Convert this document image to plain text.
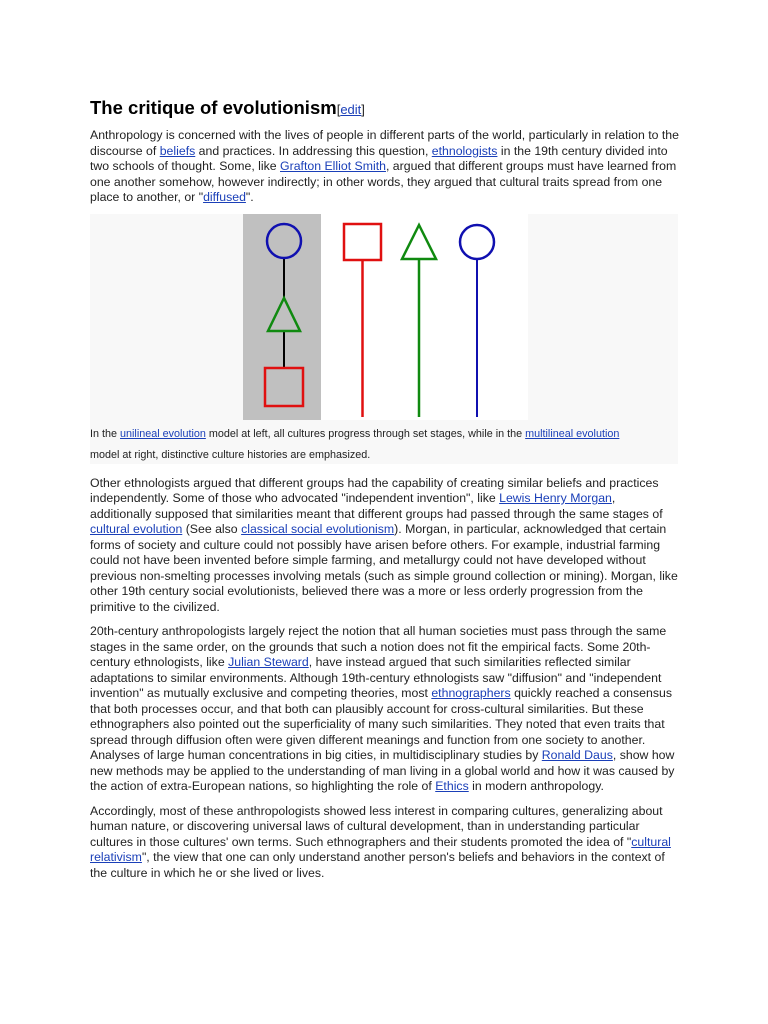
The critique of evolutionism[edit]

Anthropology is concerned with the lives of people in different parts of the world, particularly in relation to the discourse of beliefs and practices. In addressing this question, ethnologists in the 19th century divided into two schools of thought. Some, like Grafton Elliot Smith, argued that different groups must have learned from one another somehow, however indirectly; in other words, they argued that cultural traits spread from one place to another, or "diffused".

In the unilineal evolution model at left, all cultures progress through set stages, while in the multilineal evolution model at right, distinctive culture histories are emphasized.

Other ethnologists argued that different groups had the capability of creating similar beliefs and practices independently. Some of those who advocated "independent invention", like Lewis Henry Morgan, additionally supposed that similarities meant that different groups had passed through the same stages of cultural evolution (See also classical social evolutionism). Morgan, in particular, acknowledged that certain forms of society and culture could not possibly have arisen before others. For example, industrial farming could not have been invented before simple farming, and metallurgy could not have developed without previous non-smelting processes involving metals (such as simple ground collection or mining). Morgan, like other 19th century social evolutionists, believed there was a more or less orderly progression from the primitive to the civilized.

20th-century anthropologists largely reject the notion that all human societies must pass through the same stages in the same order, on the grounds that such a notion does not fit the empirical facts. Some 20th-century ethnologists, like Julian Steward, have instead argued that such similarities reflected similar adaptations to similar environments. Although 19th-century ethnologists saw "diffusion" and "independent invention" as mutually exclusive and competing theories, most ethnographers quickly reached a consensus that both processes occur, and that both can plausibly account for cross-cultural similarities. But these ethnographers also pointed out the superficiality of many such similarities. They noted that even traits that spread through diffusion often were given different meanings and function from one society to another. Analyses of large human concentrations in big cities, in multidisciplinary studies by Ronald Daus, show how new methods may be applied to the understanding of man living in a global world and how it was caused by the action of extra-European nations, so highlighting the role of Ethics in modern anthropology.

Accordingly, most of these anthropologists showed less interest in comparing cultures, generalizing about human nature, or discovering universal laws of cultural development, than in understanding particular cultures in those cultures' own terms. Such ethnographers and their students promoted the idea of "cultural relativism", the view that one can only understand another person's beliefs and behaviors in the context of the culture in which he or she lived or lives.
